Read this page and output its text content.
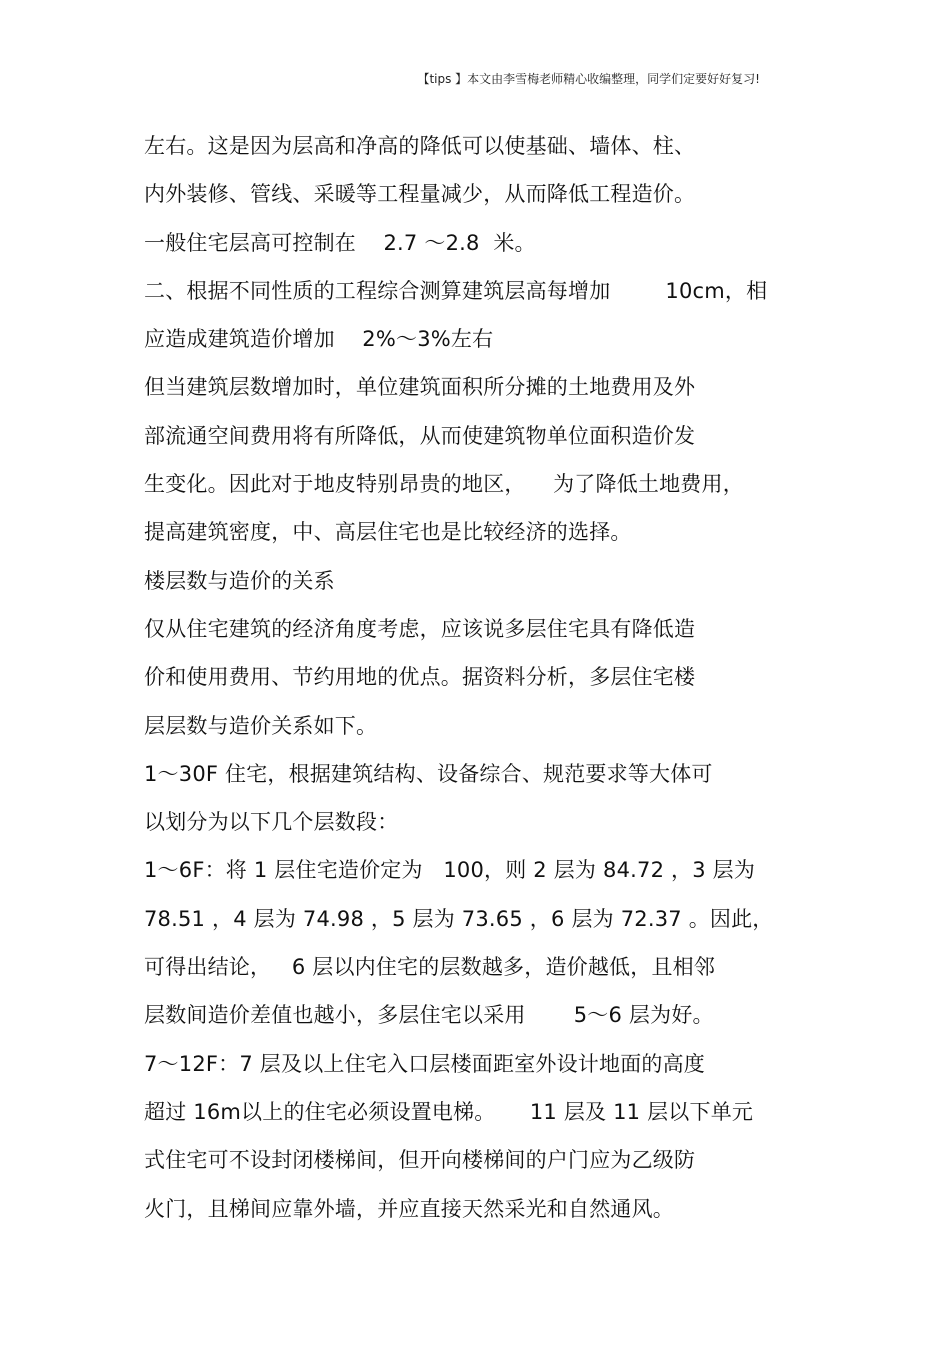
【tips 】本文由李雪梅老师精心收编整理，同学们定要好好复习!
左右。这是因为层高和净高的降低可以使基础、墙体、柱、
内外装修、管线、采暖等工程量减少，从而降低工程造价。
一般住宅层高可控制在    2.7 ～2.8  米。
二、根据不同性质的工程综合测算建筑层高每增加        10cm，相
应造成建筑造价增加    2%～3%左右
但当建筑层数增加时，单位建筑面积所分摊的土地费用及外
部流通空间费用将有所降低，从而使建筑物单位面积造价发
生变化。因此对于地皮特别昂贵的地区，    为了降低土地费用，
提高建筑密度，中、高层住宅也是比较经济的选择。
楼层数与造价的关系
仅从住宅建筑的经济角度考虑，应该说多层住宅具有降低造
价和使用费用、节约用地的优点。据资料分析，多层住宅楼
层层数与造价关系如下。
1～30F 住宅，根据建筑结构、设备综合、规范要求等大体可
以划分为以下几个层数段：
1～6F：将 1 层住宅造价定为   100，则 2 层为 84.72 ，3 层为
78.51 ，4 层为 74.98 ，5 层为 73.65 ，6 层为 72.37 。因此，
可得出结论，   6 层以内住宅的层数越多，造价越低，且相邻
层数间造价差值也越小，多层住宅以采用       5～6 层为好。
7～12F：7 层及以上住宅入口层楼面距室外设计地面的高度
超过 16m以上的住宅必须设置电梯。     11 层及 11 层以下单元
式住宅可不设封闭楼梯间，但开向楼梯间的户门应为乙级防
火门，且梯间应靠外墙，并应直接天然采光和自然通风。
